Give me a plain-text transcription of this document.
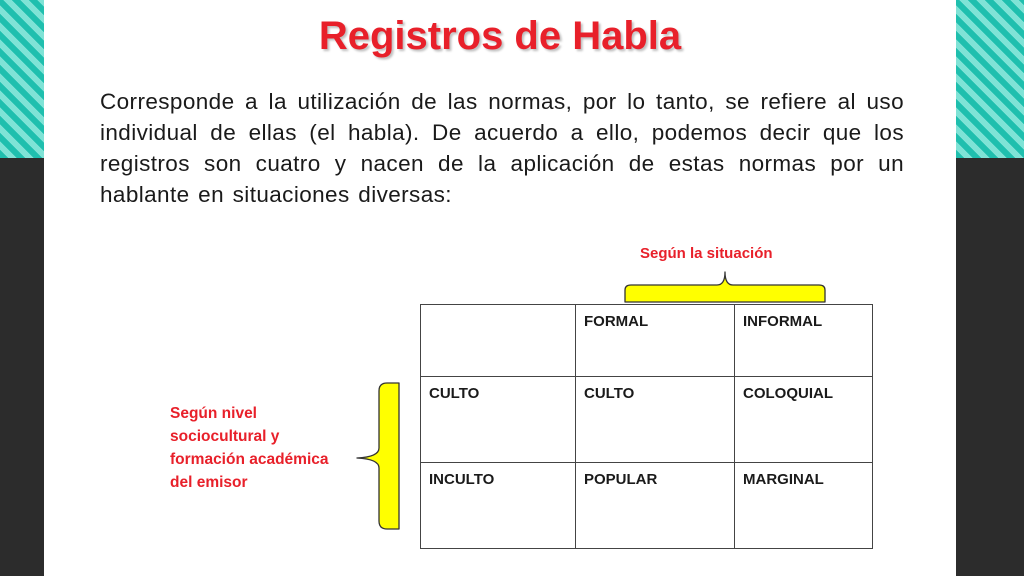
Registros de Habla
Corresponde a la utilización de las normas, por lo tanto, se refiere al uso individual de ellas (el habla). De acuerdo a ello, podemos decir que los registros son cuatro y nacen de la aplicación de estas normas por un hablante en situaciones diversas:
Según la situación
Según nivel sociocultural y formación académica del emisor
	FORMAL	INFORMAL
CULTO	CULTO	COLOQUIAL
INCULTO	POPULAR	MARGINAL
